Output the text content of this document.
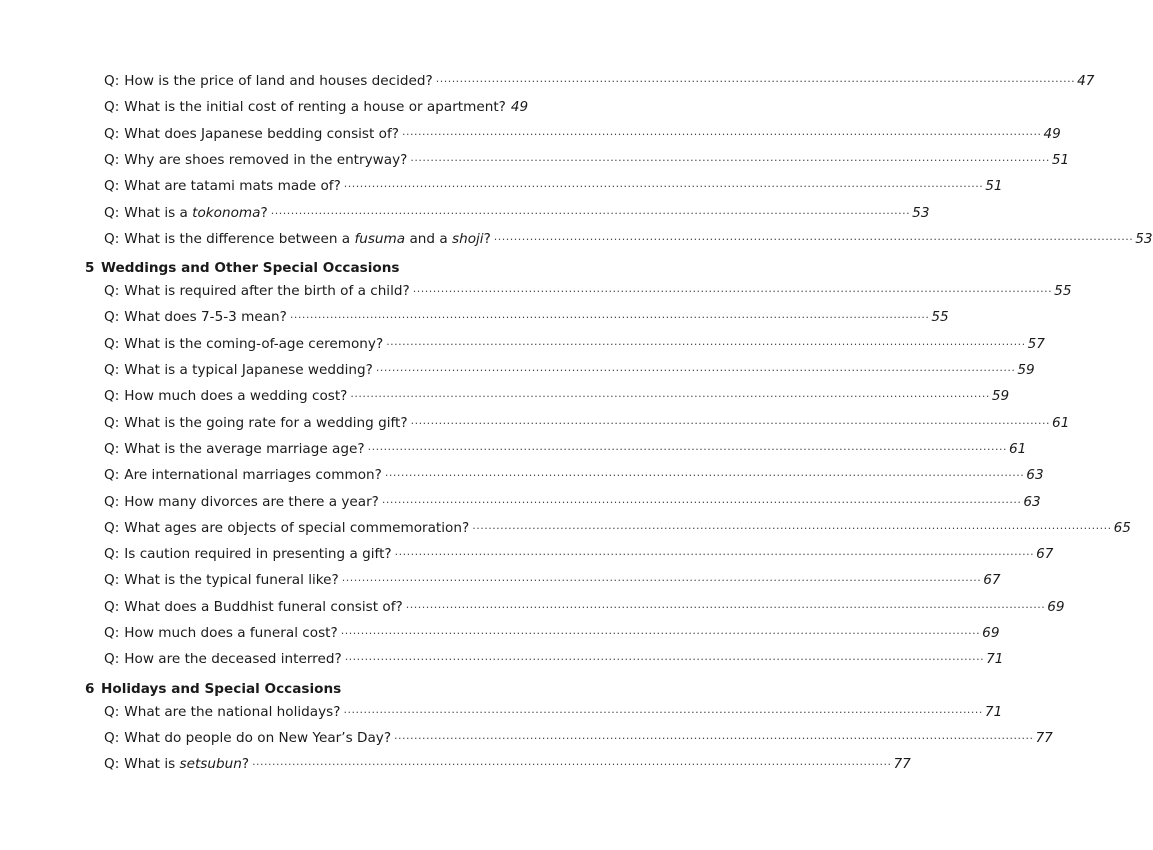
Q: How is the price of land and houses decided? ································································································································································ 47
Q: What is the initial cost of renting a house or apartment? 49
Q: What does Japanese bedding consist of? ································································································································································ 49
Q: Why are shoes removed in the entryway? ································································································································································ 51
Q: What are tatami mats made of? ································································································································································ 51
Q: What is a tokonoma? ································································································································································ 53
Q: What is the difference between a fusuma and a shoji? ································································································································································ 53
5 Weddings and Other Special Occasions
Q: What is required after the birth of a child? ································································································································································ 55
Q: What does 7-5-3 mean? ································································································································································ 55
Q: What is the coming-of-age ceremony? ································································································································································ 57
Q: What is a typical Japanese wedding? ································································································································································ 59
Q: How much does a wedding cost? ································································································································································ 59
Q: What is the going rate for a wedding gift? ································································································································································ 61
Q: What is the average marriage age? ································································································································································ 61
Q: Are international marriages common? ································································································································································ 63
Q: How many divorces are there a year? ································································································································································ 63
Q: What ages are objects of special commemoration? ································································································································································ 65
Q: Is caution required in presenting a gift? ································································································································································ 67
Q: What is the typical funeral like? ································································································································································ 67
Q: What does a Buddhist funeral consist of? ································································································································································ 69
Q: How much does a funeral cost? ································································································································································ 69
Q: How are the deceased interred? ································································································································································ 71
6 Holidays and Special Occasions
Q: What are the national holidays? ································································································································································ 71
Q: What do people do on New Year’s Day? ································································································································································ 77
Q: What is setsubun? ································································································································································ 77
